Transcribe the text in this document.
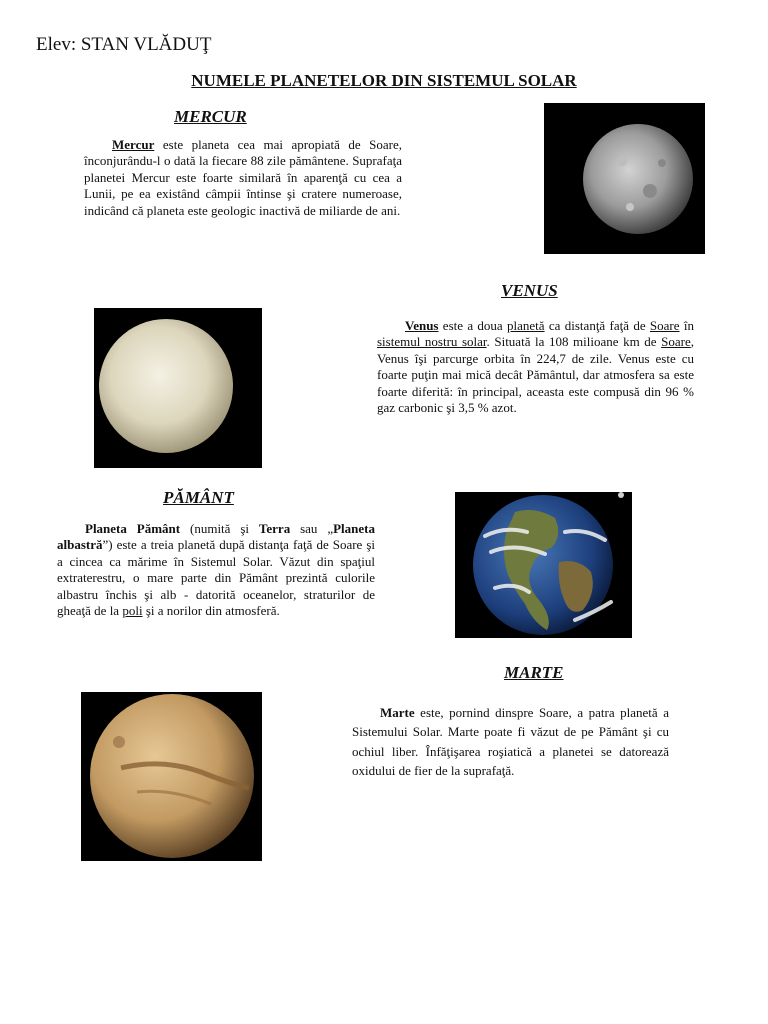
Elev: STAN VLĂDUŢ
NUMELE PLANETELOR DIN SISTEMUL SOLAR
MERCUR

Mercur este planeta cea mai apropiată de Soare, înconjurându-l o dată la fiecare 88 zile pământene. Suprafaţa planetei Mercur este foarte similară în aparenţă cu cea a Lunii, pe ea existând câmpii întinse şi cratere numeroase, indicând că planeta este geologic inactivă de miliarde de ani.

VENUS

Venus este a doua planetă ca distanţă faţă de Soare în sistemul nostru solar. Situată la 108 milioane km de Soare, Venus îşi parcurge orbita în 224,7 de zile. Venus este cu foarte puţin mai mică decât Pământul, dar atmosfera sa este foarte diferită: în principal, aceasta este compusă din 96 % gaz carbonic şi 3,5 % azot.

PĂMÂNT

Planeta Pământ (numită şi Terra sau „Planeta albastră”) este a treia planetă după distanţa faţă de Soare şi a cincea ca mărime în Sistemul Solar. Văzut din spaţiul extraterestru, o mare parte din Pământ prezintă culorile albastru închis şi alb - datorită oceanelor, straturilor de gheaţă de la poli şi a norilor din atmosferă.

MARTE

Marte este, pornind dinspre Soare, a patra planetă a Sistemului Solar. Marte poate fi văzut de pe Pământ şi cu ochiul liber. Înfăţişarea roşiatică a planetei se datorează oxidului de fier de la suprafaţă.
